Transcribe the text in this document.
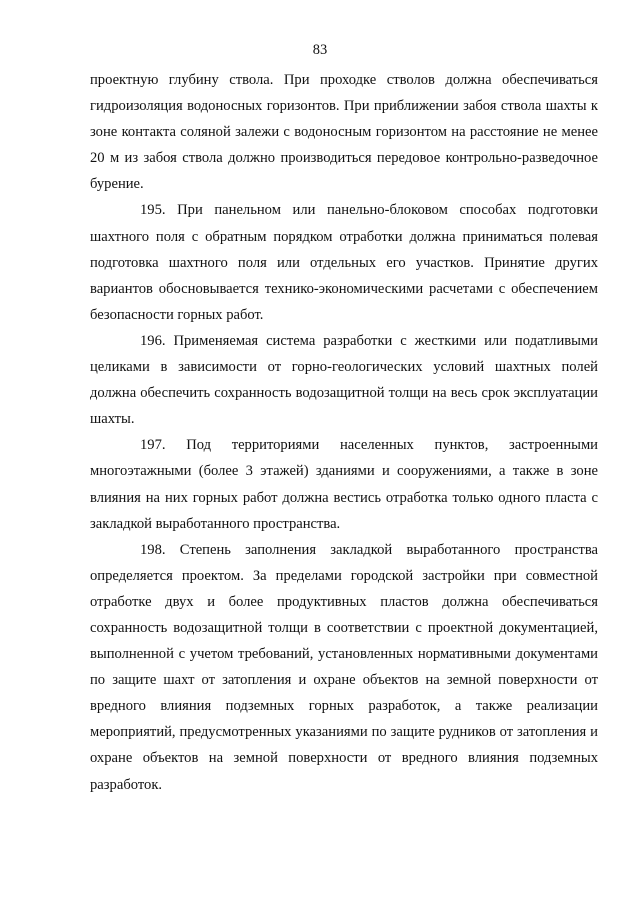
83

проектную глубину ствола. При проходке стволов должна обеспечиваться гидроизоляция водоносных горизонтов. При приближении забоя ствола шахты к зоне контакта соляной залежи с водоносным горизонтом на расстояние не менее 20 м из забоя ствола должно производиться передовое контрольно-разведочное бурение.

195. При панельном или панельно-блоковом способах подготовки шахтного поля с обратным порядком отработки должна приниматься полевая подготовка шахтного поля или отдельных его участков. Принятие других вариантов обосновывается технико-экономическими расчетами с обеспечением безопасности горных работ.

196. Применяемая система разработки с жесткими или податливыми целиками в зависимости от горно-геологических условий шахтных полей должна обеспечить сохранность водозащитной толщи на весь срок эксплуатации шахты.

197. Под территориями населенных пунктов, застроенными многоэтажными (более 3 этажей) зданиями и сооружениями, а также в зоне влияния на них горных работ должна вестись отработка только одного пласта с закладкой выработанного пространства.

198. Степень заполнения закладкой выработанного пространства определяется проектом. За пределами городской застройки при совместной отработке двух и более продуктивных пластов должна обеспечиваться сохранность водозащитной толщи в соответствии с проектной документацией, выполненной с учетом требований, установленных нормативными документами по защите шахт от затопления и охране объектов на земной поверхности от вредного влияния подземных горных разработок, а также реализации мероприятий, предусмотренных указаниями по защите рудников от затопления и охране объектов на земной поверхности от вредного влияния подземных разработок.
